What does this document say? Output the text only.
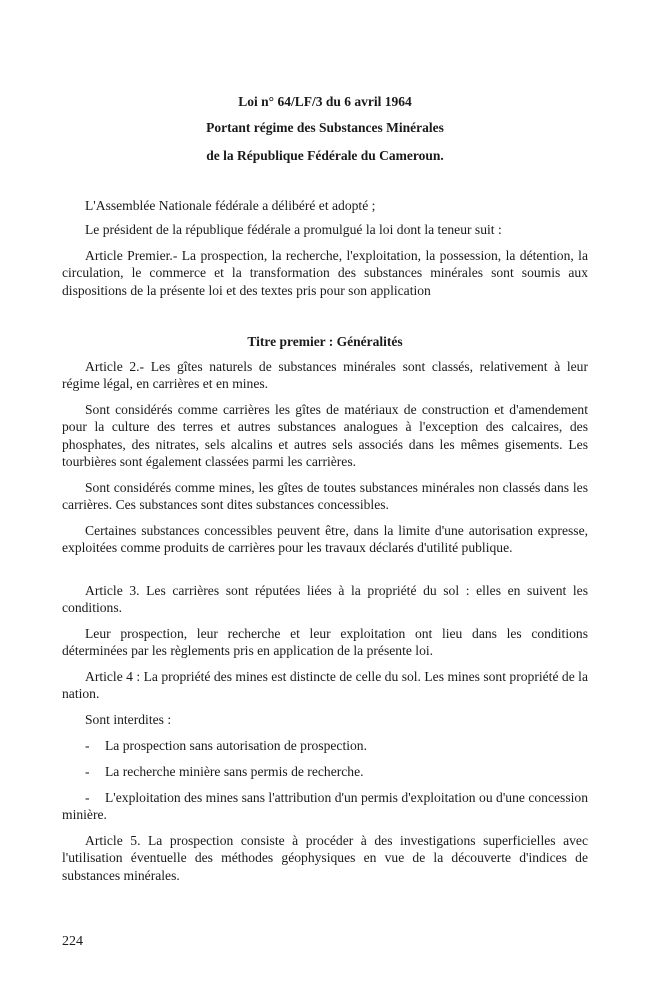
Loi n° 64/LF/3 du 6 avril 1964

Portant régime des Substances Minérales

de la République Fédérale du Cameroun.

L'Assemblée Nationale fédérale a délibéré et adopté ;

Le président de la république fédérale a promulgué la loi dont la teneur suit :

Article Premier.- La prospection, la recherche, l'exploitation, la possession, la détention, la circulation, le commerce et la transformation des substances minérales sont soumis aux dispositions de la présente loi et des textes pris pour son application

Titre premier : Généralités

Article 2.- Les gîtes naturels de substances minérales sont classés, relativement à leur régime légal, en carrières et en mines.

Sont considérés comme carrières les gîtes de matériaux de construction et d'amendement pour la culture des terres et autres substances analogues à l'exception des calcaires, des phosphates, des nitrates, sels alcalins et autres sels associés dans les mêmes gisements. Les tourbières sont également classées parmi les carrières.

Sont considérés comme mines, les gîtes de toutes substances minérales non classés dans les carrières. Ces substances sont dites substances concessibles.

Certaines substances concessibles peuvent être, dans la limite d'une autorisation expresse, exploitées comme produits de carrières pour les travaux déclarés d'utilité publique.

Article 3. Les carrières sont réputées liées à la propriété du sol : elles en suivent les conditions.

Leur prospection, leur recherche et leur exploitation ont lieu dans les conditions déterminées par les règlements pris en application de la présente loi.

Article 4 : La propriété des mines est distincte de celle du sol. Les mines sont propriété de la nation.

Sont interdites :

- La prospection sans autorisation de prospection.

- La recherche minière sans permis de recherche.

- L'exploitation des mines sans l'attribution d'un permis d'exploitation ou d'une concession minière.

Article 5. La prospection consiste à procéder à des investigations superficielles avec l'utilisation éventuelle des méthodes géophysiques en vue de la découverte d'indices de substances minérales.

224
